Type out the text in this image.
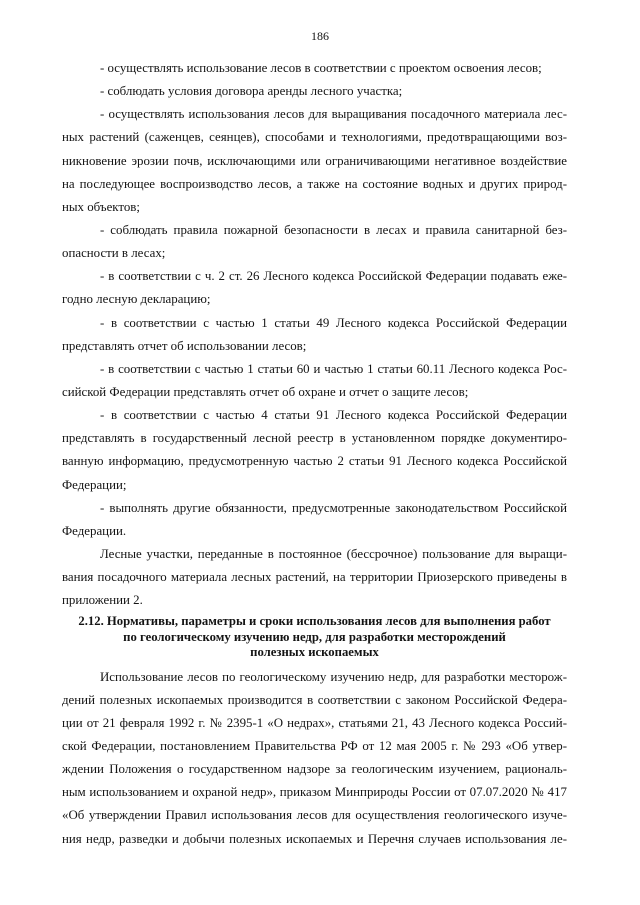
186
- осуществлять использование лесов в соответствии с проектом освоения лесов;
- соблюдать условия договора аренды лесного участка;
- осуществлять использования лесов для выращивания посадочного материала лес-
ных растений (саженцев, сеянцев), способами и технологиями, предотвращающими воз-
никновение эрозии почв, исключающими или ограничивающими негативное воздействие
на последующее воспроизводство лесов, а также на состояние водных и других природ-
ных объектов;
- соблюдать правила пожарной безопасности в лесах и правила санитарной без-
опасности в лесах;
- в соответствии с ч. 2 ст. 26 Лесного кодекса Российской Федерации подавать еже-
годно лесную декларацию;
- в соответствии с частью 1 статьи 49 Лесного кодекса Российской Федерации
представлять отчет об использовании лесов;
- в соответствии с частью 1 статьи 60 и частью 1 статьи 60.11 Лесного кодекса Рос-
сийской Федерации представлять отчет об охране и отчет о защите лесов;
- в соответствии с частью 4 статьи 91 Лесного кодекса Российской Федерации
представлять в государственный лесной реестр в установленном порядке документиро-
ванную информацию, предусмотренную частью 2 статьи 91 Лесного кодекса Российской
Федерации;
- выполнять другие обязанности, предусмотренные законодательством Российской
Федерации.
Лесные участки, переданные в постоянное (бессрочное) пользование для выращи-
вания посадочного материала лесных растений, на территории Приозерского приведены в
приложении 2.
2.12. Нормативы, параметры и сроки использования лесов для выполнения работ
по геологическому изучению недр, для разработки месторождений
полезных ископаемых
Использование лесов по геологическому изучению недр, для разработки месторож-
дений полезных ископаемых производится в соответствии с законом Российской Федера-
ции от 21 февраля 1992 г. № 2395-1 «О недрах», статьями 21, 43 Лесного кодекса Россий-
ской Федерации, постановлением Правительства РФ от 12 мая 2005 г. № 293 «Об утвер-
ждении Положения о государственном надзоре за геологическим изучением, рациональ-
ным использованием и охраной недр», приказом Минприроды России от 07.07.2020 № 417
«Об утверждении Правил использования лесов для осуществления геологического изуче-
ния недр, разведки и добычи полезных ископаемых и Перечня случаев использования ле-
